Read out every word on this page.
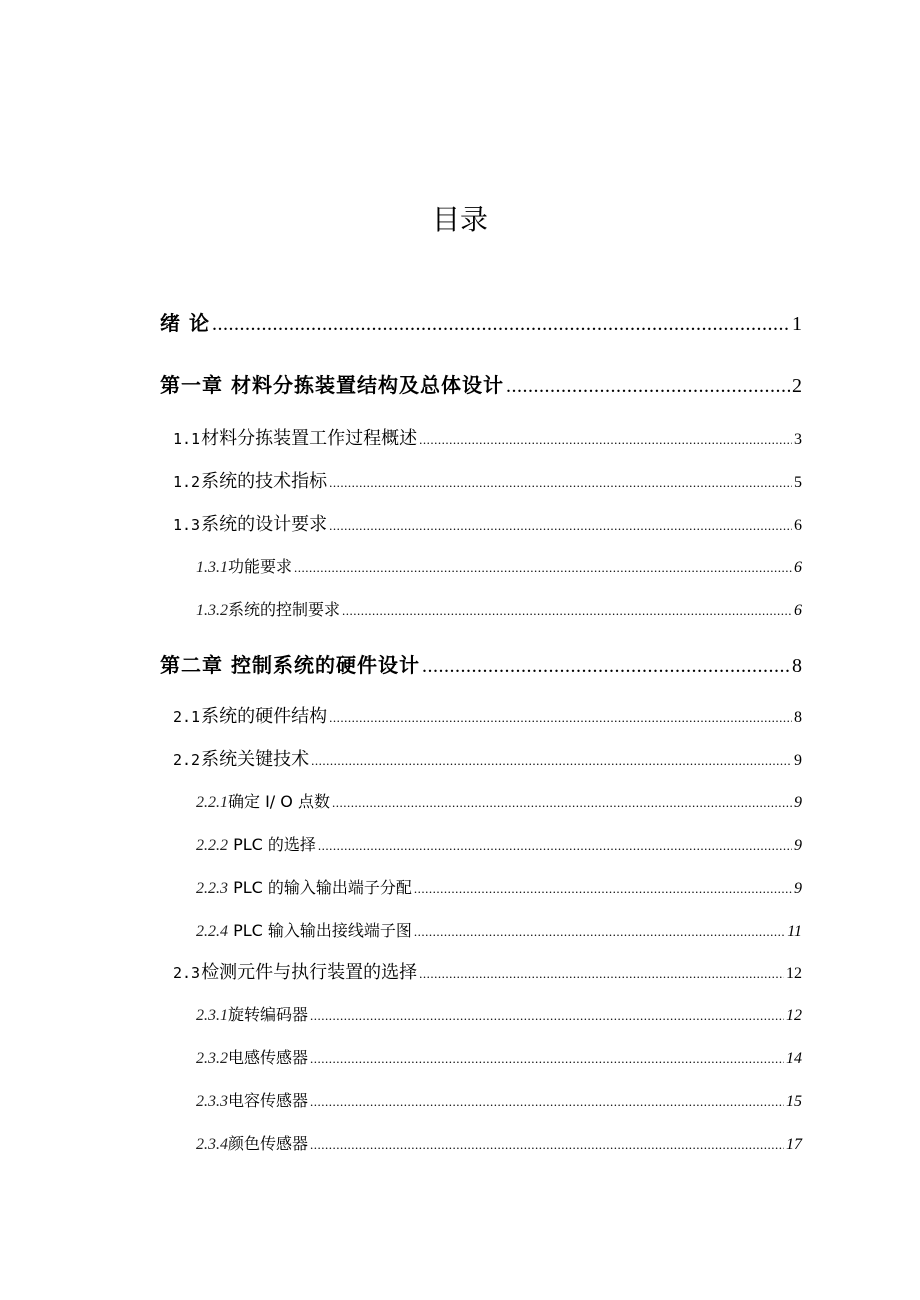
目录
绪 论 .....	1
第一章 材料分拣装置结构及总体设计 .....	2
1.1材料分拣装置工作过程概述 .....	3
1.2系统的技术指标 .....	5
1.3系统的设计要求 .....	6
1.3.1功能要求 .....	6
1.3.2系统的控制要求 .....	6
第二章 控制系统的硬件设计 .....	8
2.1系统的硬件结构 .....	8
2.2系统关键技术 .....	9
2.2.1确定 I/ O 点数 .....	9
2.2.2 PLC 的选择 .....	9
2.2.3 PLC 的输入输出端子分配 .....	9
2.2.4 PLC 输入输出接线端子图 .....	11
2.3检测元件与执行装置的选择 .....	12
2.3.1旋转编码器 .....	12
2.3.2电感传感器 .....	14
2.3.3电容传感器 .....	15
2.3.4颜色传感器 .....	17
